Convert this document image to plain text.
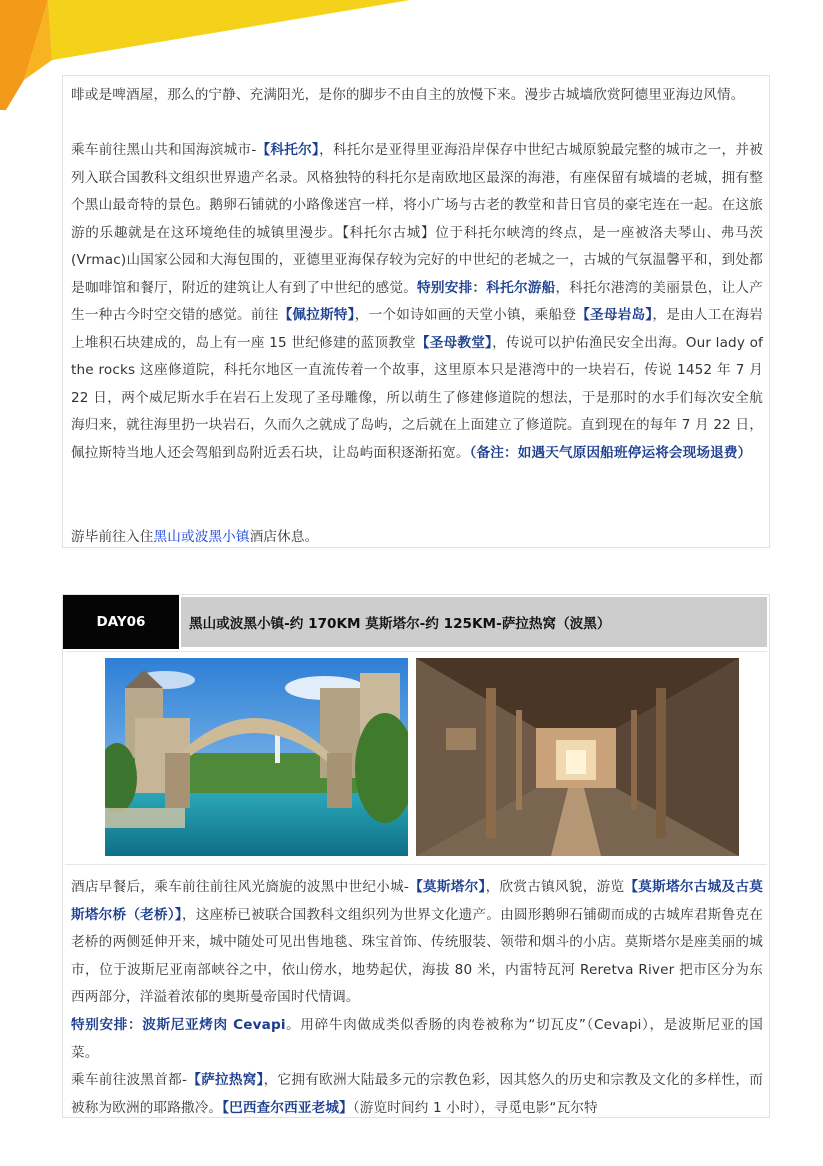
啡或是啤酒屋，那么的宁静、充满阳光，是你的脚步不由自主的放慢下来。漫步古城墙欣赏阿德里亚海边风情。

乘车前往黑山共和国海滨城市-【科托尔】，科托尔是亚得里亚海沿岸保存中世纪古城原貌最完整的城市之一，并被列入联合国教科文组织世界遗产名录。风格独特的科托尔是南欧地区最深的海港，有座保留有城墙的老城，拥有整个黑山最奇特的景色。鹅卵石铺就的小路像迷宫一样，将小广场与古老的教堂和昔日官员的豪宅连在一起。在这旅游的乐趣就是在这环境绝佳的城镇里漫步。【科托尔古城】位于科托尔峡湾的终点，是一座被洛夫琴山、弗马茨(Vrmac)山国家公园和大海包围的，亚德里亚海保存较为完好的中世纪的老城之一，古城的气氛温馨平和，到处都是咖啡馆和餐厅，附近的建筑让人有到了中世纪的感觉。特别安排：科托尔游船，科托尔港湾的美丽景色，让人产生一种古今时空交错的感觉。前往【佩拉斯特】，一个如诗如画的天堂小镇，乘船登【圣母岩岛】，是由人工在海岩上堆积石块建成的，岛上有一座 15 世纪修建的蓝顶教堂【圣母教堂】，传说可以护佑渔民安全出海。Our lady of the rocks 这座修道院，科托尔地区一直流传着一个故事，这里原本只是港湾中的一块岩石，传说 1452 年 7 月 22 日，两个威尼斯水手在岩石上发现了圣母雕像，所以萌生了修建修道院的想法，于是那时的水手们每次安全航海归来，就往海里扔一块岩石，久而久之就成了岛屿，之后就在上面建立了修道院。直到现在的每年 7 月 22 日，佩拉斯特当地人还会驾船到岛附近丢石块，让岛屿面积逐渐拓宽。（备注：如遇天气原因船班停运将会现场退费）

游毕前往入住黑山或波黑小镇酒店休息。

DAY06	黑山或波黑小镇-约 170KM 莫斯塔尔-约 125KM-萨拉热窝（波黑）

酒店早餐后，乘车前往前往风光旖旎的波黑中世纪小城-【莫斯塔尔】，欣赏古镇风貌，游览【莫斯塔尔古城及古莫斯塔尔桥（老桥）】，这座桥已被联合国教科文组织列为世界文化遗产。由圆形鹅卵石铺砌而成的古城库君斯鲁克在老桥的两侧延伸开来，城中随处可见出售地毯、珠宝首饰、传统服装、领带和烟斗的小店。莫斯塔尔是座美丽的城市，位于波斯尼亚南部峡谷之中，依山傍水，地势起伏，海拔 80 米，内雷特瓦河 Reretva River 把市区分为东西两部分，洋溢着浓郁的奥斯曼帝国时代情调。

特别安排：波斯尼亚烤肉 Cevapi。用碎牛肉做成类似香肠的肉卷被称为“切瓦皮”（Cevapi），是波斯尼亚的国菜。

乘车前往波黑首都-【萨拉热窝】，它拥有欧洲大陆最多元的宗教色彩，因其悠久的历史和宗教及文化的多样性，而被称为欧洲的耶路撒冷。【巴西查尔西亚老城】（游览时间约 1 小时），寻觅电影“瓦尔特
